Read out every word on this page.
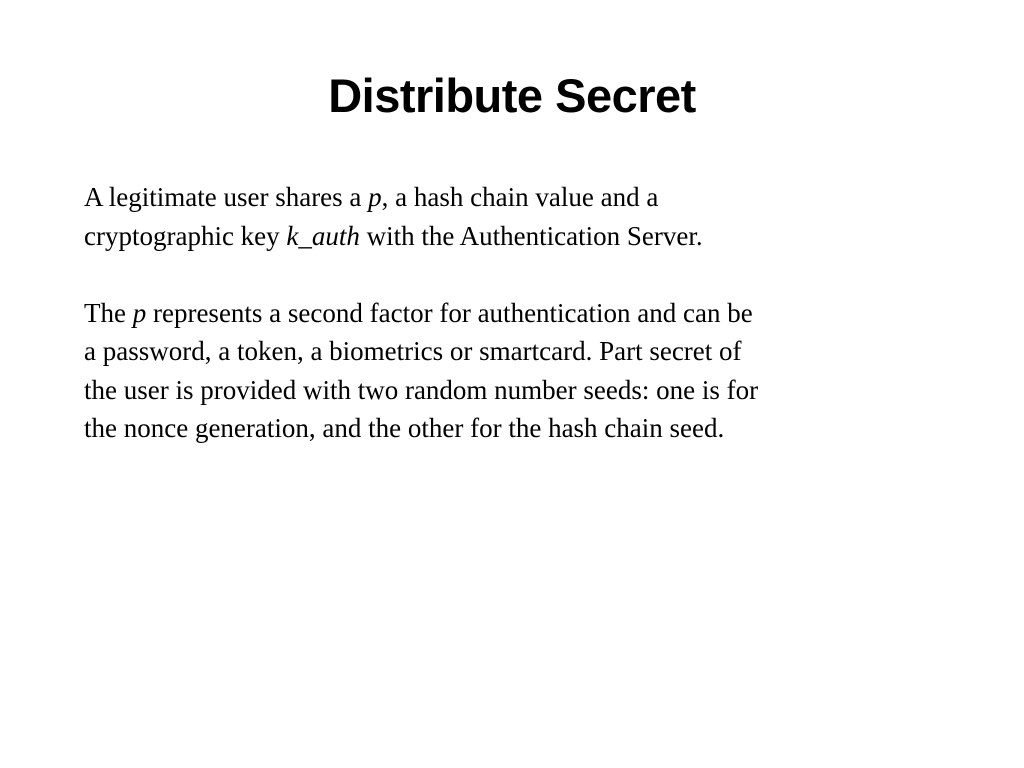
Distribute Secret

A legitimate user shares a p, a hash chain value and a
cryptographic key k_auth with the Authentication Server.

The p represents a second factor for authentication and can be
a password, a token, a biometrics or smartcard. Part secret of
the user is provided with two random number seeds: one is for
the nonce generation, and the other for the hash chain seed.
